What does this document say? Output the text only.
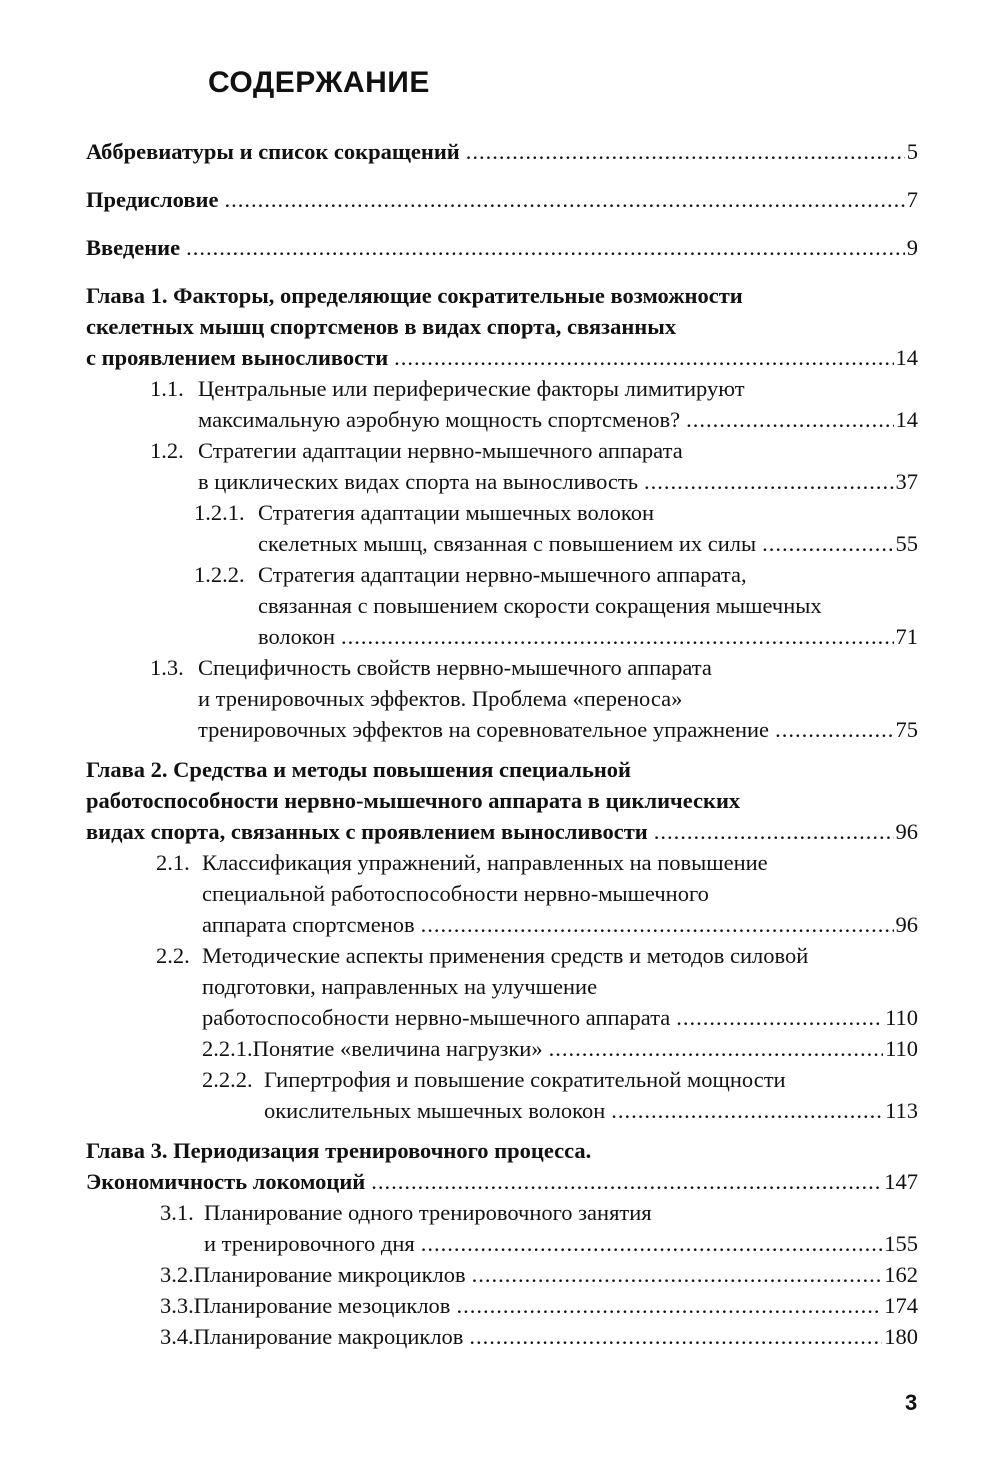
СОДЕРЖАНИЕ
Аббревиатуры и список сокращений .....	5
Предисловие .....	7
Введение .....	9
Глава 1. Факторы, определяющие сократительные возможности
скелетных мышц спортсменов в видах спорта, связанных
с проявлением выносливости .....	14
1.1. Центральные или периферические факторы лимитируют
максимальную аэробную мощность спортсменов? .....	14
1.2. Стратегии адаптации нервно-мышечного аппарата
в циклических видах спорта на выносливость .....	37
1.2.1. Стратегия адаптации мышечных волокон
скелетных мышц, связанная с повышением их силы .....	55
1.2.2. Стратегия адаптации нервно-мышечного аппарата,
связанная с повышением скорости сокращения мышечных
волокон .....	71
1.3. Специфичность свойств нервно-мышечного аппарата
и тренировочных эффектов. Проблема «переноса»
тренировочных эффектов на соревновательное упражнение .....	75
Глава 2. Средства и методы повышения специальной
работоспособности нервно-мышечного аппарата в циклических
видах спорта, связанных с проявлением выносливости .....	96
2.1. Классификация упражнений, направленных на повышение
специальной работоспособности нервно-мышечного
аппарата спортсменов .....	96
2.2. Методические аспекты применения средств и методов силовой
подготовки, направленных на улучшение
работоспособности нервно-мышечного аппарата .....	110
2.2.1. Понятие «величина нагрузки» .....	110
2.2.2. Гипертрофия и повышение сократительной мощности
окислительных мышечных волокон .....	113
Глава 3. Периодизация тренировочного процесса.
Экономичность локомоций .....	147
3.1. Планирование одного тренировочного занятия
и тренировочного дня .....	155
3.2. Планирование микроциклов .....	162
3.3. Планирование мезоциклов .....	174
3.4. Планирование макроциклов .....	180
3
